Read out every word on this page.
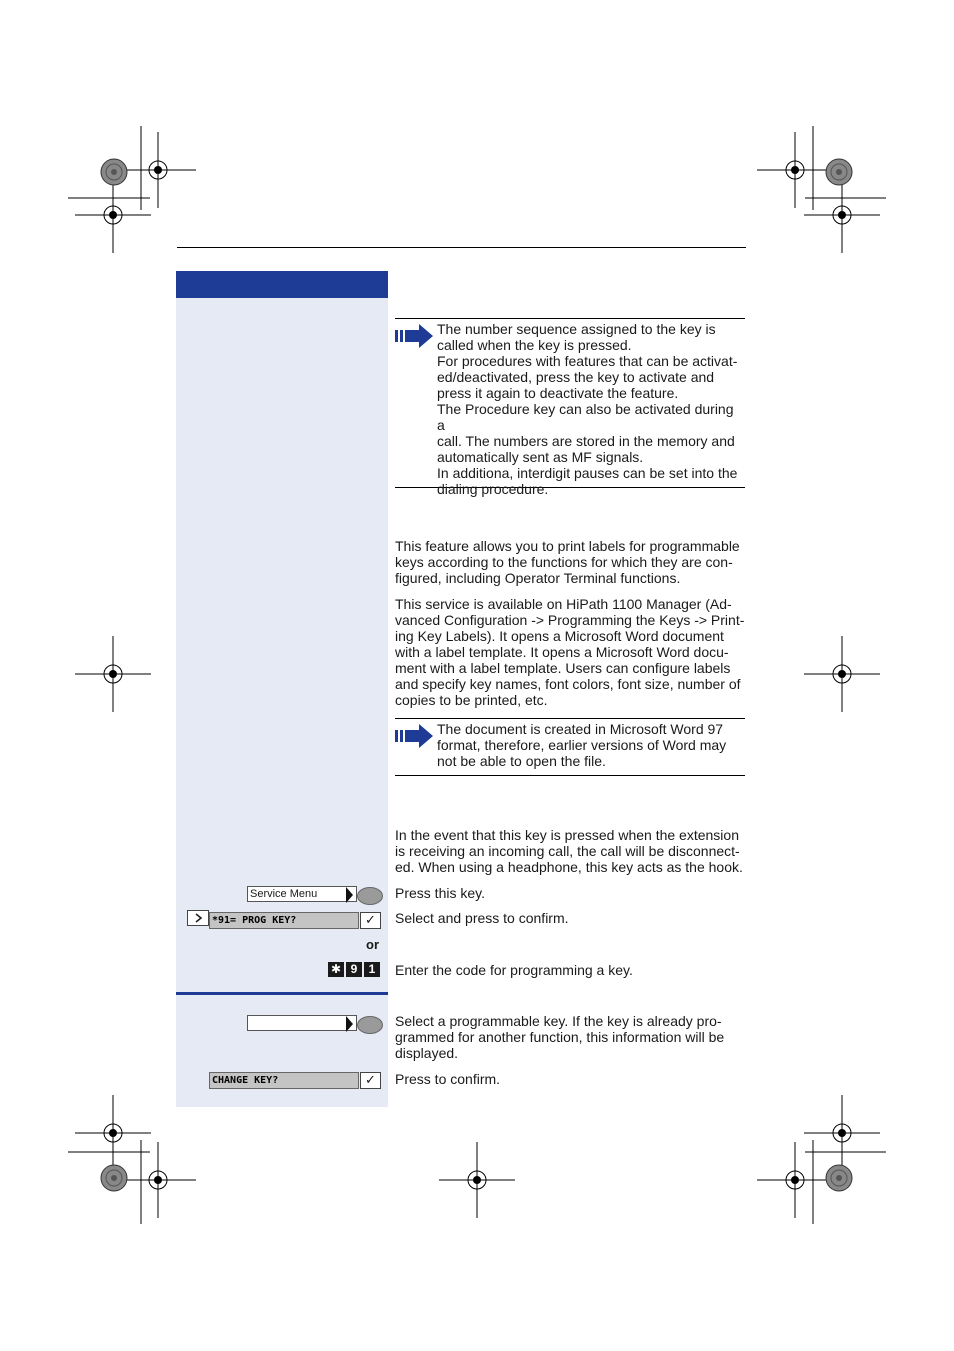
The number sequence assigned to the key is
called when the key is pressed.
For procedures with features that can be activat-
ed/deactivated, press the key to activate and
press it again to deactivate the feature.
The Procedure key can also be activated during a
call. The numbers are stored in the memory and
automatically sent as MF signals.
In additiona, interdigit pauses can be set into the
dialing procedure.
This feature allows you to print labels for programmable
keys according to the functions for which they are con-
figured, including Operator Terminal functions.
This service is available on HiPath 1100 Manager (Ad-
vanced Configuration -> Programming the Keys -> Print-
ing Key Labels). It opens a Microsoft Word document
with a label template. It opens a Microsoft Word docu-
ment with a label template. Users can configure labels
and specify key names, font colors, font size, number of
copies to be printed, etc.
The document is created in Microsoft Word 97
format, therefore, earlier versions of Word may
not be able to open the file.
In the event that this key is pressed when the extension
is receiving an incoming call, the call will be disconnect-
ed. When using a headphone, this key acts as the hook.
Service Menu	Press this key.
*91= PROG KEY?	✓	Select and press to confirm.
or
✱ 9 1	Enter the code for programming a key.
Select a programmable key. If the key is already pro-
grammed for another function, this information will be
displayed.
CHANGE KEY?	✓	Press to confirm.
